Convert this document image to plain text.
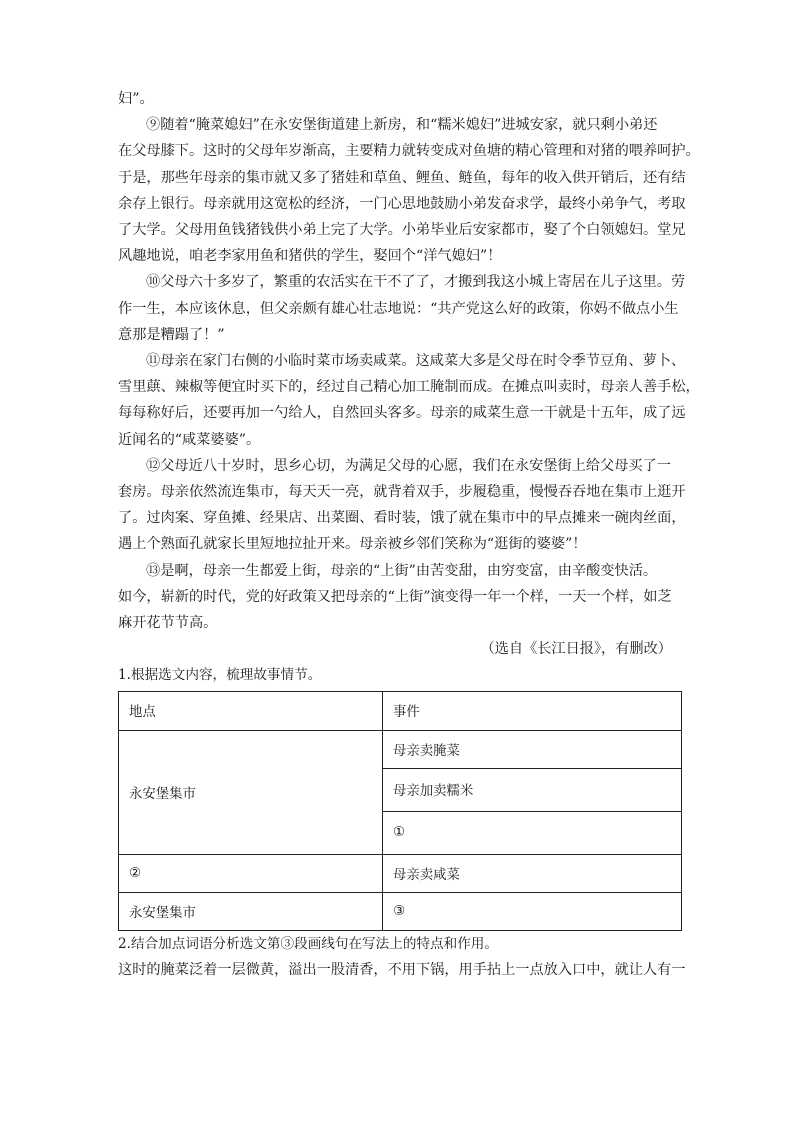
妇”。

⑨随着“腌菜媳妇”在永安堡街道建上新房，和“糯米媳妇”进城安家，就只剩小弟还

在父母膝下。这时的父母年岁渐高，主要精力就转变成对鱼塘的精心管理和对猪的喂养呵护。

于是，那些年母亲的集市就又多了猪娃和草鱼、鲤鱼、鲢鱼，每年的收入供开销后，还有结

余存上银行。母亲就用这宽松的经济，一门心思地鼓励小弟发奋求学，最终小弟争气，考取

了大学。父母用鱼钱猪钱供小弟上完了大学。小弟毕业后安家都市，娶了个白领媳妇。堂兄

风趣地说，咱老李家用鱼和猪供的学生，娶回个“洋气媳妇”！

⑩父母六十多岁了，繁重的农活实在干不了了，才搬到我这小城上寄居在儿子这里。劳

作一生，本应该休息，但父亲颇有雄心壮志地说：“共产党这么好的政策，你妈不做点小生

意那是糟蹋了！”

⑪母亲在家门右侧的小临时菜市场卖咸菜。这咸菜大多是父母在时令季节豆角、萝卜、

雪里蕻、辣椒等便宜时买下的，经过自己精心加工腌制而成。在摊点叫卖时，母亲人善手松，

每每称好后，还要再加一勺给人，自然回头客多。母亲的咸菜生意一干就是十五年，成了远

近闻名的“咸菜婆婆”。

⑫父母近八十岁时，思乡心切，为满足父母的心愿，我们在永安堡街上给父母买了一

套房。母亲依然流连集市，每天天一亮，就背着双手，步履稳重，慢慢吞吞地在集市上逛开

了。过肉案、穿鱼摊、经果店、出菜圈、看时装，饿了就在集市中的早点摊来一碗肉丝面，

遇上个熟面孔就家长里短地拉扯开来。母亲被乡邻们笑称为“逛街的婆婆”！

⑬是啊，母亲一生都爱上街，母亲的“上街”由苦变甜，由穷变富，由辛酸变快活。

如今，崭新的时代，党的好政策又把母亲的“上街”演变得一年一个样，一天一个样，如芝

麻开花节节高。

（选自《长江日报》，有删改）

1.根据选文内容，梳理故事情节。

地点	事件
永安堡集市	母亲卖腌菜
	母亲加卖糯米
	①
②	母亲卖咸菜
永安堡集市	③

2.结合加点词语分析选文第③段画线句在写法上的特点和作用。

这时的腌菜泛着一层微黄，溢出一股清香，不用下锅，用手拈上一点放入口中，就让人有一
